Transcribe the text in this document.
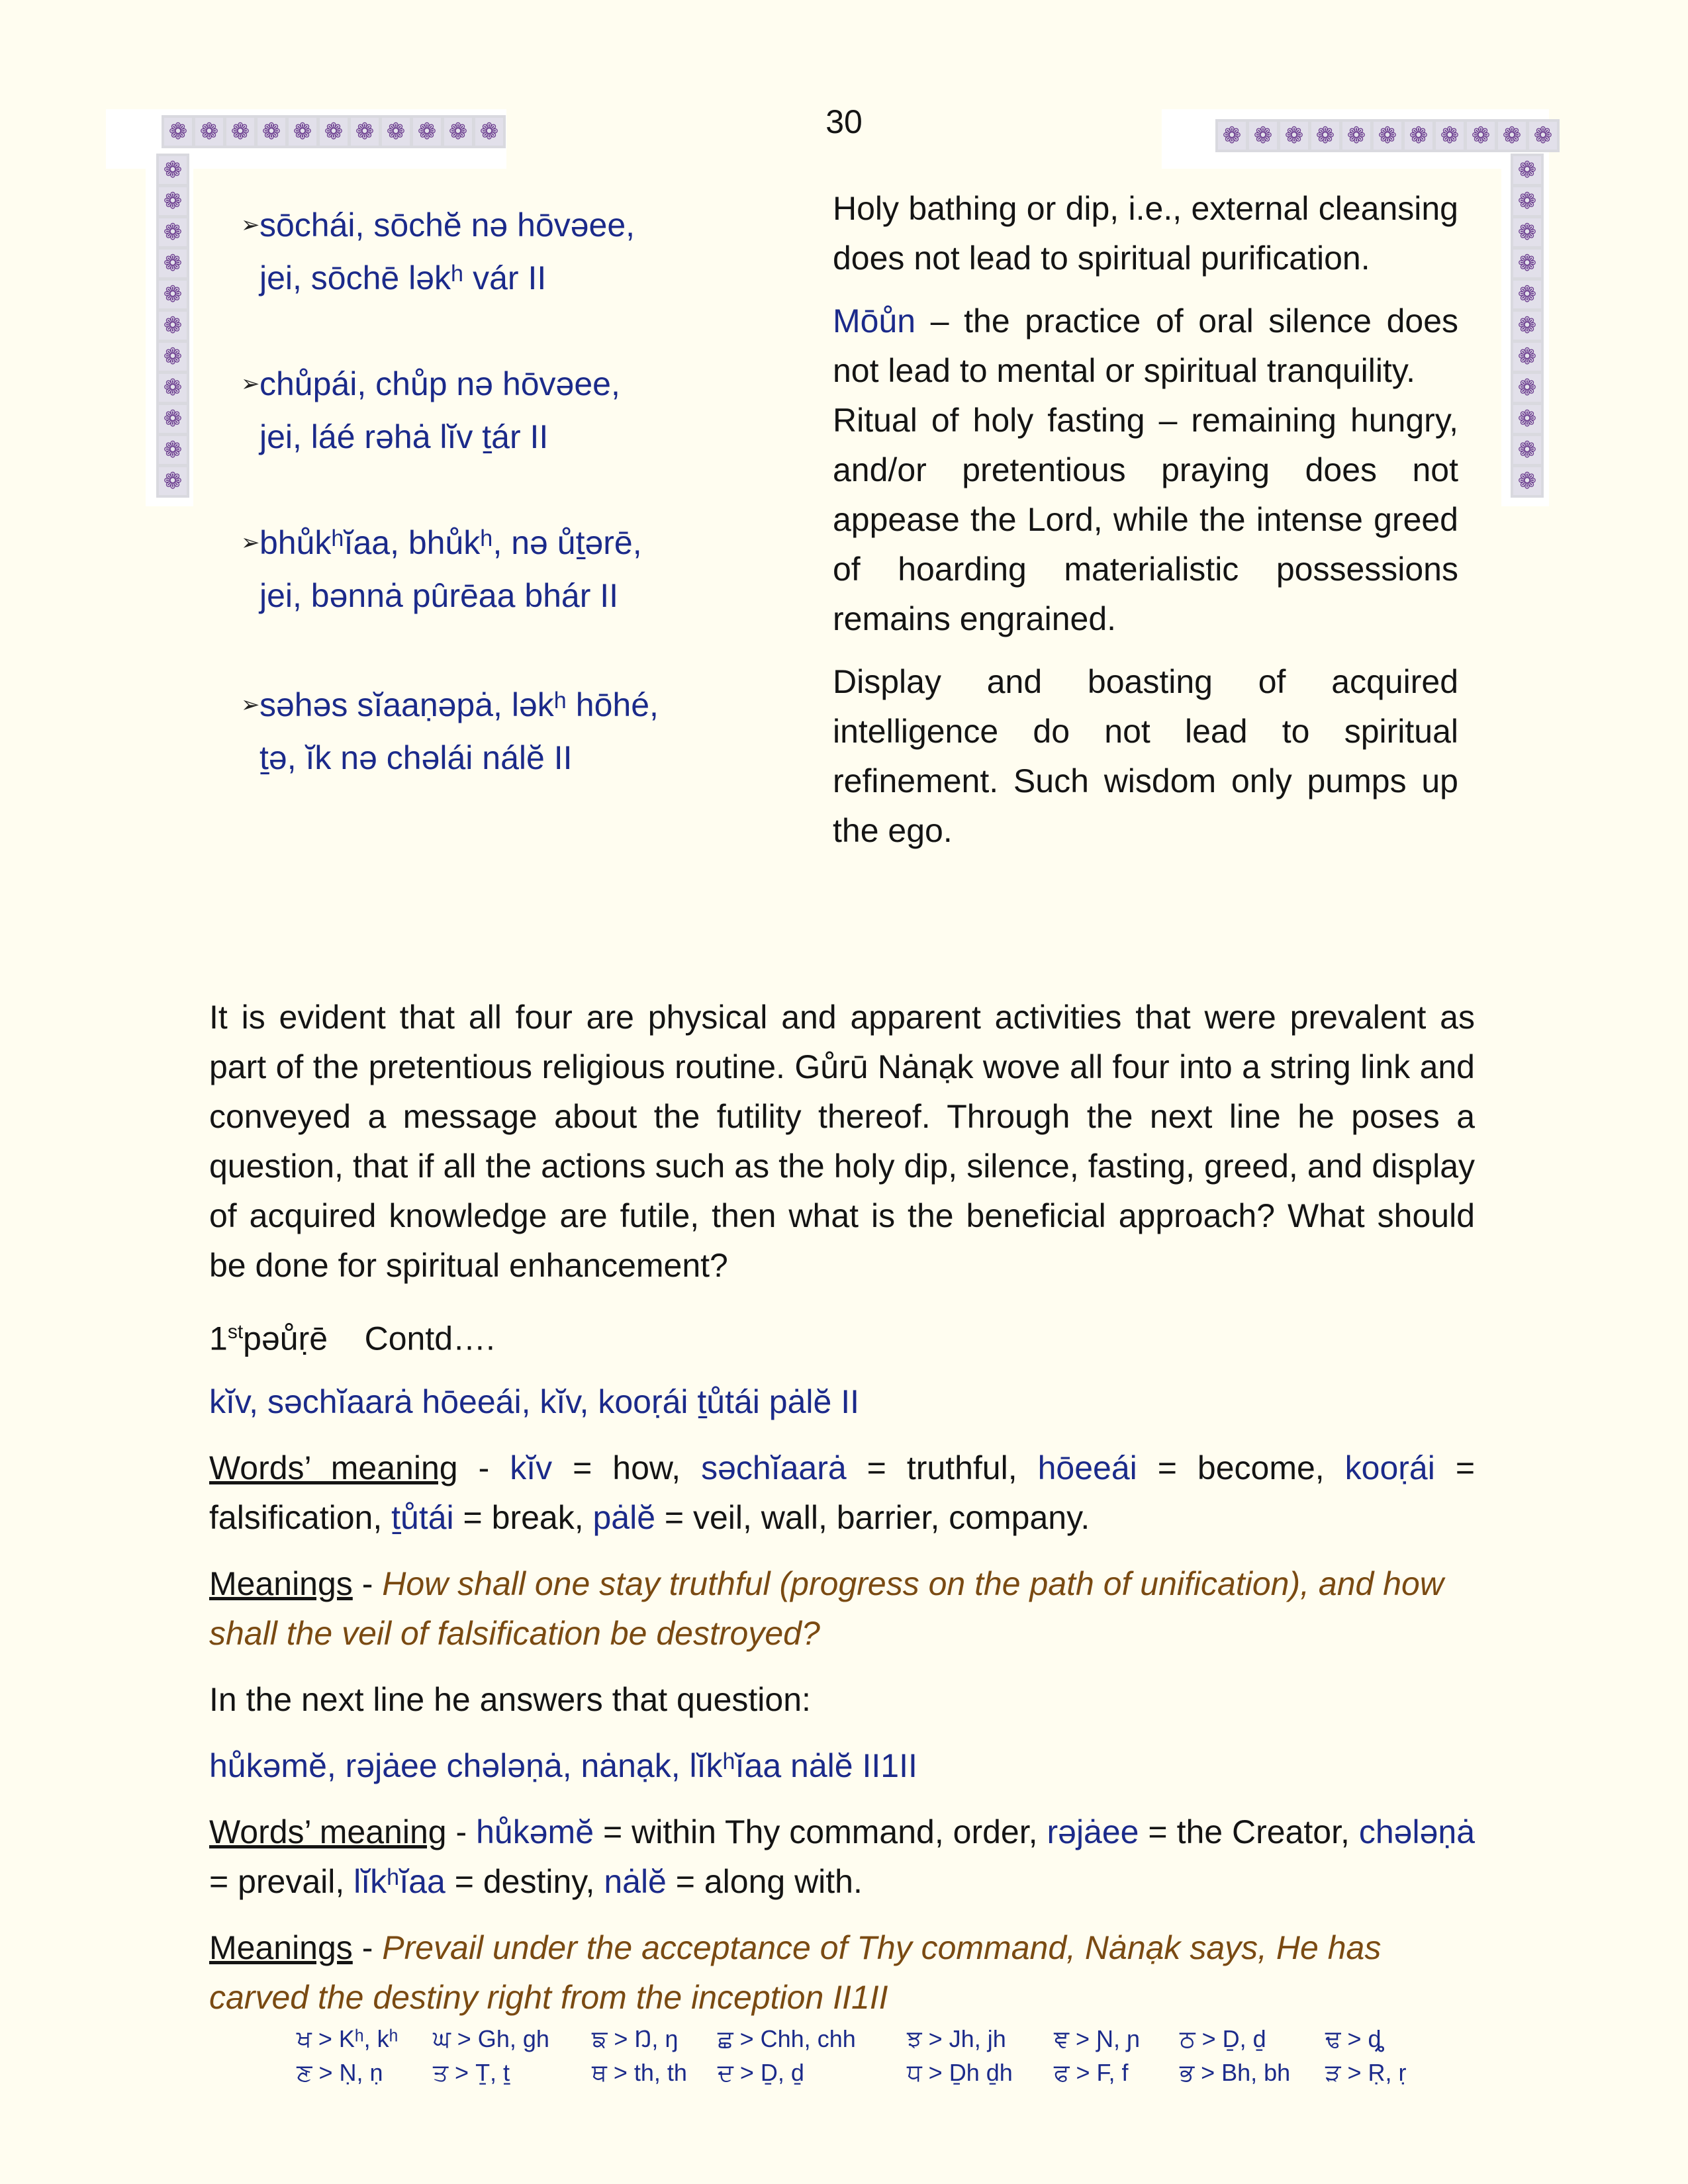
30
❁ ❁ ❁ ❁ ❁ ❁ ❁ ❁ ❁ ❁ ❁
❁
❁
❁
❁
❁
❁
❁
❁
❁
❁
❁
❁ ❁ ❁ ❁ ❁ ❁ ❁ ❁ ❁ ❁ ❁
❁
❁
❁
❁
❁
❁
❁
❁
❁
❁
❁
➢ sōchái, sōchĕ nə hōvəee,
jei, sōchē ləkʰ vár II
➢ chůpái, chůp nə hōvəee,
jei, láé rəhȧ lĭv ṯár II
➢ bhůkʰĭaa, bhůkʰ, nə ůṯərē,
jei, bənnȧ pȗrēaa bhár II
➢ səhəs sĭaaṇəpȧ, ləkʰ hōhé,
ṯə, ĭk nə chəlái nálĕ II

Holy bathing or dip, i.e., external cleansing does not lead to spiritual purification.

Mōůn – the practice of oral silence does not lead to mental or spiritual tranquility.

Ritual of holy fasting – remaining hungry, and/or pretentious praying does not appease the Lord, while the intense greed of hoarding materialistic possessions remains engrained.

Display and boasting of acquired intelligence do not lead to spiritual refinement. Such wisdom only pumps up the ego.

It is evident that all four are physical and apparent activities that were prevalent as part of the pretentious religious routine. Gůrū Nȧnạk wove all four into a string link and conveyed a message about the futility thereof. Through the next line he poses a question, that if all the actions such as the holy dip, silence, fasting, greed, and display of acquired knowledge are futile, then what is the beneficial approach? What should be done for spiritual enhancement?

1stpəůṛē Contd….

kĭv, səchĭaarȧ hōeeái, kĭv, kooṛái ṯůtái pȧlĕ II

Words’ meaning - kĭv = how, səchĭaarȧ = truthful, hōeeái = become, kooṛái = falsification, ṯůtái = break, pȧlĕ = veil, wall, barrier, company.

Meanings - How shall one stay truthful (progress on the path of unification), and how shall the veil of falsification be destroyed?

In the next line he answers that question:

hůkəmĕ, rəjȧee chələṇȧ, nȧnạk, lĭkʰĭaa nȧlĕ II1II

Words’ meaning - hůkəmĕ = within Thy command, order, rəjȧee = the Creator, chələṇȧ = prevail, lĭkʰĭaa = destiny, nȧlĕ = along with.

Meanings - Prevail under the acceptance of Thy command, Nȧnạk says, He has carved the destiny right from the inception II1II

ਖ > Kʰ, kʰ	ਘ > Gh, gh	ਙ > Ŋ, ŋ	ਛ > Chh, chh	ਝ > Jh, jh	ਞ > Ɲ, ɲ	ਠ > Ḏ, ḏ	ਢ > ȡ
ਣ > Ṇ, ṇ	ਤ > Ṯ, ṯ	ਥ > th, th	ਦ > Ḏ, ḏ	ਧ > Ḏh ḏh	ਫ > F, f	ਭ > Bh, bh	ੜ > Ṛ, ṛ
